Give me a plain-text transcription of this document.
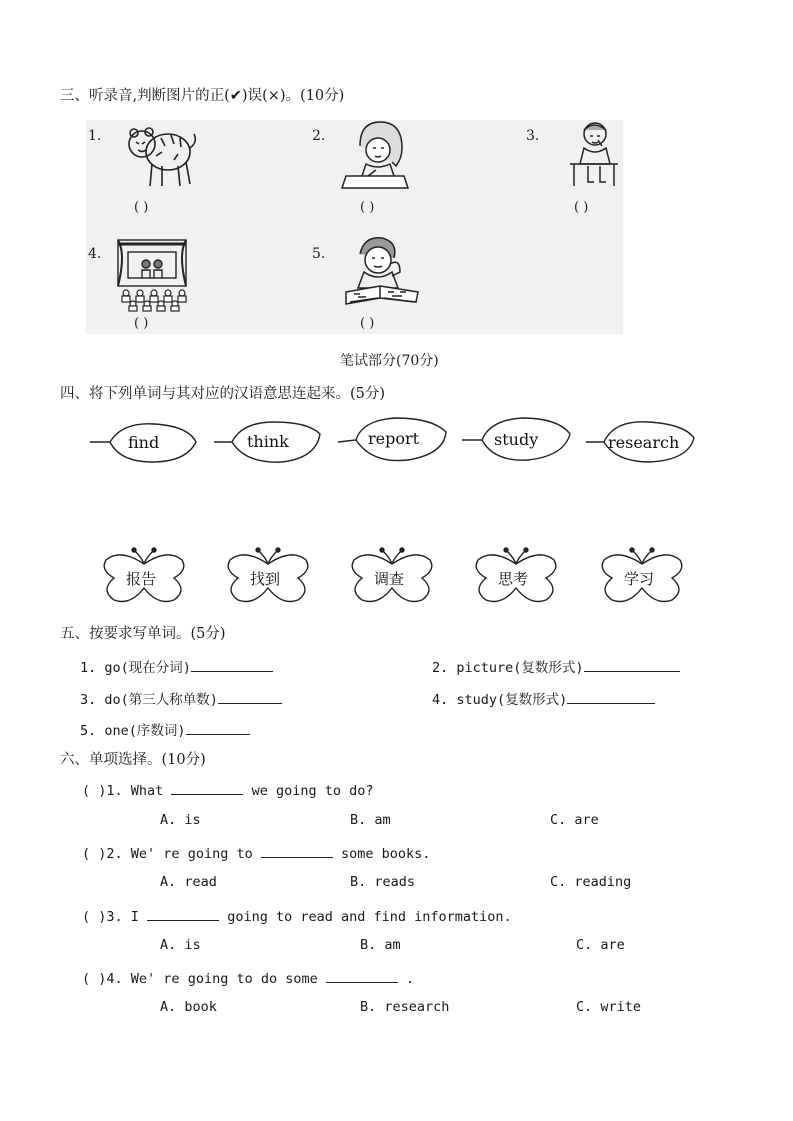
三、听录音,判断图片的正(✔)误(×)。(10分)
1.
( )
2.
( )
3.
( )
4.
( )
5.
( )
笔试部分(70分)
四、将下列单词与其对应的汉语意思连起来。(5分)
find	think	report	study	research
报告	找到	调查	思考	学习
五、按要求写单词。(5分)
1. go(现在分词)	2. picture(复数形式)
3. do(第三人称单数)	4. study(复数形式)
5. one(序数词)
六、单项选择。(10分)
( )1. What	we going to do?
A. is	B. am	C. are
( )2. We' re going to	some books.
A. read	B. reads	C. reading
( )3. I	going to read and find information.
A. is	B. am	C. are
( )4. We' re going to do some	.
A. book	B. research	C. write
